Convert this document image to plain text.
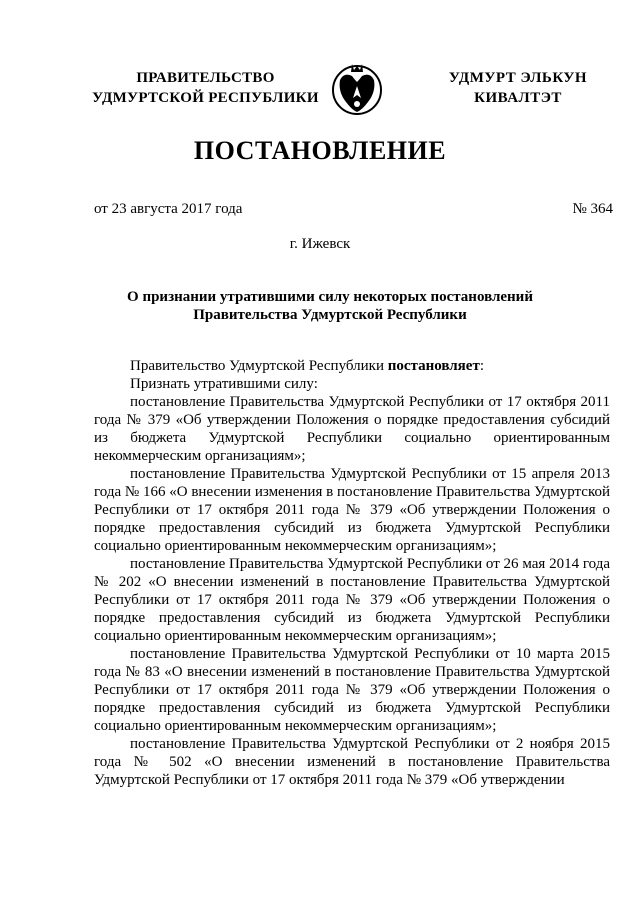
ПРАВИТЕЛЬСТВО
УДМУРТСКОЙ РЕСПУБЛИКИ
УДМУРТ ЭЛЬКУН
КИВАЛТЭТ
ПОСТАНОВЛЕНИЕ
от 23 августа 2017 года	№ 364
г. Ижевск
О признании утратившими силу некоторых постановлений
Правительства Удмуртской Республики

Правительство Удмуртской Республики постановляет:

Признать утратившими силу:

постановление Правительства Удмуртской Республики от 17 октября 2011 года № 379 «Об утверждении Положения о порядке предоставления субсидий из бюджета Удмуртской Республики социально ориентированным некоммерческим организациям»;

постановление Правительства Удмуртской Республики от 15 апреля 2013 года № 166 «О внесении изменения в постановление Правительства Удмуртской Республики от 17 октября 2011 года № 379 «Об утверждении Положения о порядке предоставления субсидий из бюджета Удмуртской Республики социально ориентированным некоммерческим организациям»;

постановление Правительства Удмуртской Республики от 26 мая 2014 года № 202 «О внесении изменений в постановление Правительства Удмуртской Республики от 17 октября 2011 года № 379 «Об утверждении Положения о порядке предоставления субсидий из бюджета Удмуртской Республики социально ориентированным некоммерческим организациям»;

постановление Правительства Удмуртской Республики от 10 марта 2015 года № 83 «О внесении изменений в постановление Правительства Удмуртской Республики от 17 октября 2011 года № 379 «Об утверждении Положения о порядке предоставления субсидий из бюджета Удмуртской Республики социально ориентированным некоммерческим организациям»;

постановление Правительства Удмуртской Республики от 2 ноября 2015 года № 502 «О внесении изменений в постановление Правительства Удмуртской Республики от 17 октября 2011 года № 379 «Об утверждении
